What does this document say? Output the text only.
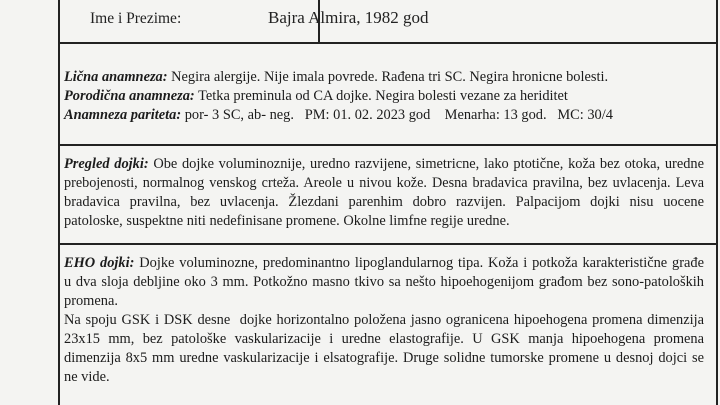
Ime i Prezime:	Bajra Almira, 1982 god
Lična anamneza: Negira alergije. Nije imala povrede. Rađena tri SC. Negira hronicne bolesti.
Porodična anamneza: Tetka preminula od CA dojke. Negira bolesti vezane za heriditet
Anamneza pariteta: por- 3 SC, ab- neg.   PM: 01. 02. 2023 god    Menarha: 13 god.   MC: 30/4
Pregled dojki: Obe dojke voluminoznije, uredno razvijene, simetricne, lako ptotične, koža bez otoka, uredne
prebojenosti, normalnog venskog crteža. Areole u nivou kože. Desna bradavica pravilna, bez uvlacenja. Leva
bradavica pravilna, bez uvlacenja. Žlezdani parenhim dobro razvijen. Palpacijom dojki nisu uocene
patoloske, suspektne niti nedefinisane promene. Okolne limfne regije uredne.
EHO dojki: Dojke voluminozne, predominantno lipoglandularnog tipa. Koža i potkoža karakteristične građe
u dva sloja debljine oko 3 mm. Potkožno masno tkivo sa nešto hipoehogenijom građom bez sono-patoloških
promena.
Na spoju GSK i DSK desne  dojke horizontalno položena jasno ogranicena hipoehogena promena dimenzija
23x15 mm, bez patološke vaskularizacije i uredne elastografije. U GSK manja hipoehogena promena
dimenzija 8x5 mm uredne vaskularizacije i elsatografije. Druge solidne tumorske promene u desnoj dojci se
ne vide.
